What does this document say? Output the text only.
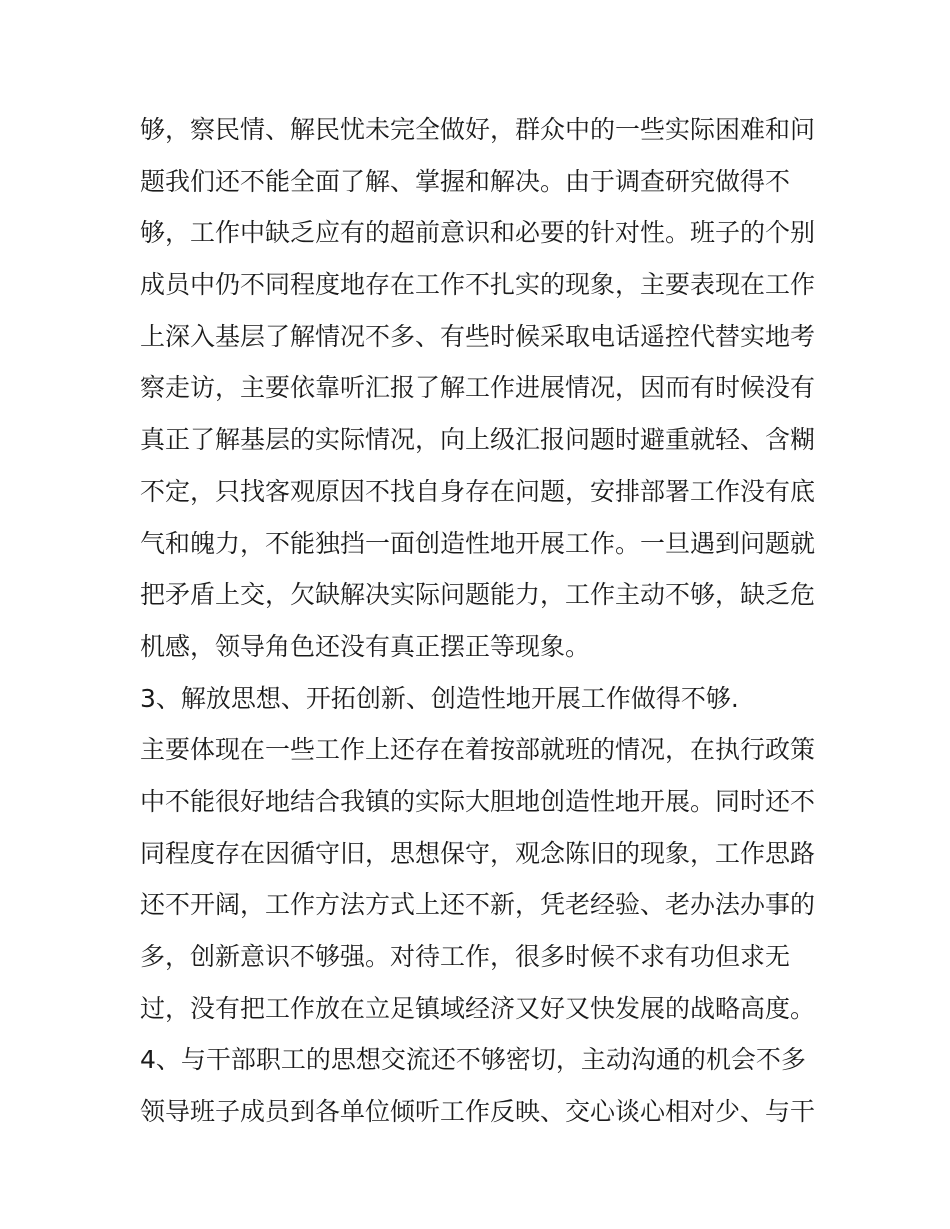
够，察民情、解民忧未完全做好，群众中的一些实际困难和问
题我们还不能全面了解、掌握和解决。由于调查研究做得不
够，工作中缺乏应有的超前意识和必要的针对性。班子的个别
成员中仍不同程度地存在工作不扎实的现象，主要表现在工作
上深入基层了解情况不多、有些时候采取电话遥控代替实地考
察走访，主要依靠听汇报了解工作进展情况，因而有时候没有
真正了解基层的实际情况，向上级汇报问题时避重就轻、含糊
不定，只找客观原因不找自身存在问题，安排部署工作没有底
气和魄力，不能独挡一面创造性地开展工作。一旦遇到问题就
把矛盾上交，欠缺解决实际问题能力，工作主动不够，缺乏危
机感，领导角色还没有真正摆正等现象。
3、解放思想、开拓创新、创造性地开展工作做得不够.
主要体现在一些工作上还存在着按部就班的情况，在执行政策
中不能很好地结合我镇的实际大胆地创造性地开展。同时还不
同程度存在因循守旧，思想保守，观念陈旧的现象，工作思路
还不开阔，工作方法方式上还不新，凭老经验、老办法办事的
多，创新意识不够强。对待工作，很多时候不求有功但求无
过，没有把工作放在立足镇域经济又好又快发展的战略高度。
4、与干部职工的思想交流还不够密切，主动沟通的机会不多
领导班子成员到各单位倾听工作反映、交心谈心相对少、与干
